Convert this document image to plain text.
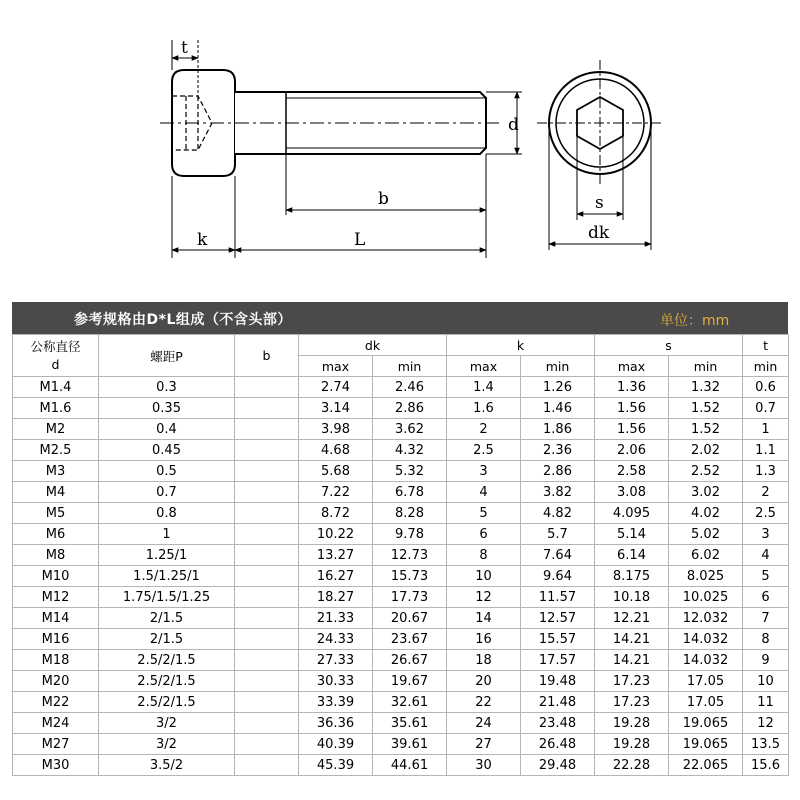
t
d
b
k	L
s
dk
参考规格由D*L组成（不含头部）	单位：mm
公称直径
d	螺距P	b	dk		k		s		t
			max	min	max	min	max	min	min
M1.4	0.3		2.74	2.46	1.4	1.26	1.36	1.32	0.6
M1.6	0.35		3.14	2.86	1.6	1.46	1.56	1.52	0.7
M2	0.4		3.98	3.62	2	1.86	1.56	1.52	1
M2.5	0.45		4.68	4.32	2.5	2.36	2.06	2.02	1.1
M3	0.5		5.68	5.32	3	2.86	2.58	2.52	1.3
M4	0.7		7.22	6.78	4	3.82	3.08	3.02	2
M5	0.8		8.72	8.28	5	4.82	4.095	4.02	2.5
M6	1		10.22	9.78	6	5.7	5.14	5.02	3
M8	1.25/1		13.27	12.73	8	7.64	6.14	6.02	4
M10	1.5/1.25/1		16.27	15.73	10	9.64	8.175	8.025	5
M12	1.75/1.5/1.25		18.27	17.73	12	11.57	10.18	10.025	6
M14	2/1.5		21.33	20.67	14	12.57	12.21	12.032	7
M16	2/1.5		24.33	23.67	16	15.57	14.21	14.032	8
M18	2.5/2/1.5		27.33	26.67	18	17.57	14.21	14.032	9
M20	2.5/2/1.5		30.33	19.67	20	19.48	17.23	17.05	10
M22	2.5/2/1.5		33.39	32.61	22	21.48	17.23	17.05	11
M24	3/2		36.36	35.61	24	23.48	19.28	19.065	12
M27	3/2		40.39	39.61	27	26.48	19.28	19.065	13.5
M30	3.5/2		45.39	44.61	30	29.48	22.28	22.065	15.6
